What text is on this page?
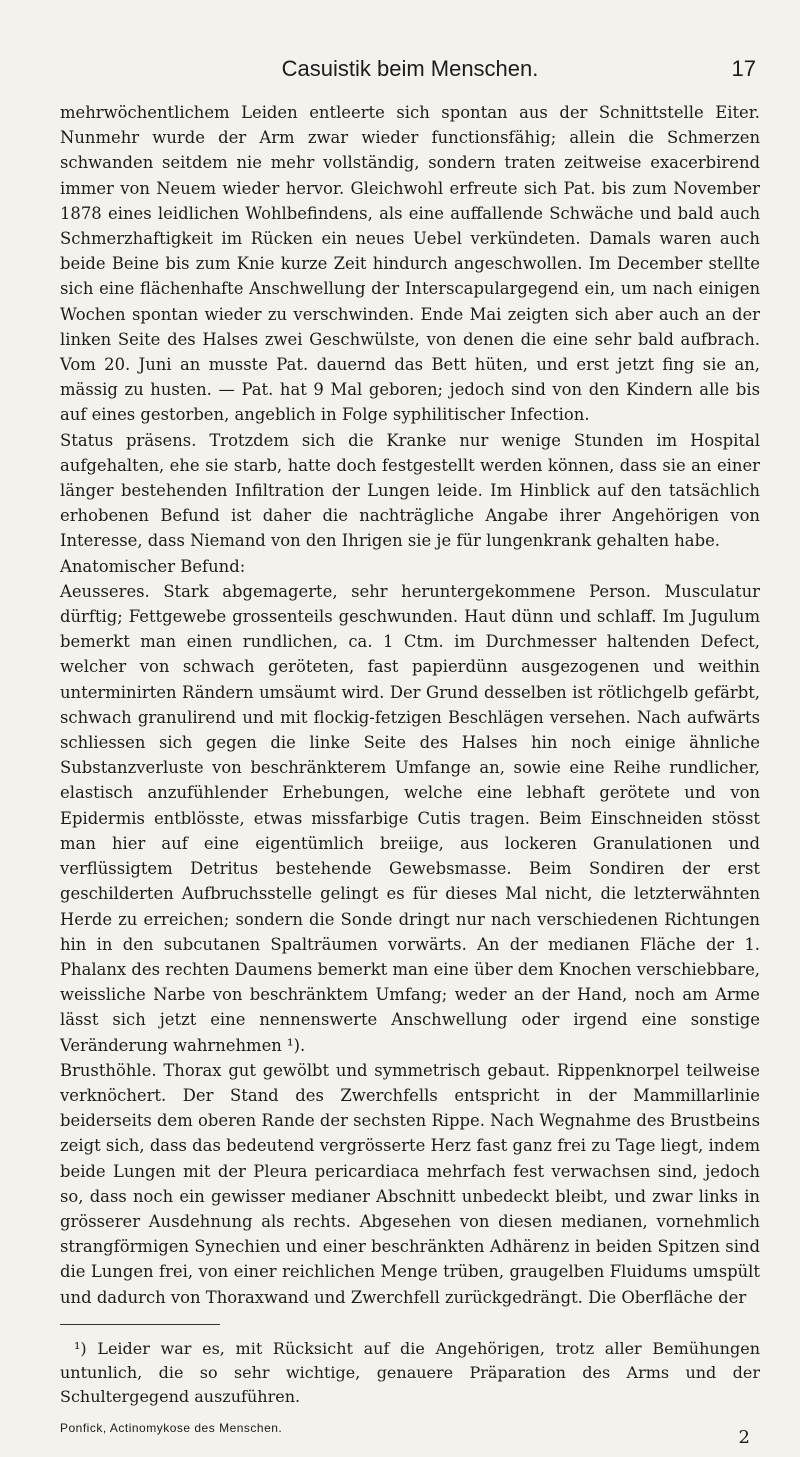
Casuistik beim Menschen.	17

mehrwöchentlichem Leiden entleerte sich spontan aus der Schnittstelle Eiter. Nunmehr wurde der Arm zwar wieder functionsfähig; allein die Schmerzen schwanden seitdem nie mehr vollständig, sondern traten zeitweise exacerbirend immer von Neuem wieder hervor. Gleichwohl erfreute sich Pat. bis zum November 1878 eines leidlichen Wohlbefindens, als eine auffallende Schwäche und bald auch Schmerzhaftigkeit im Rücken ein neues Uebel verkündeten. Damals waren auch beide Beine bis zum Knie kurze Zeit hindurch angeschwollen. Im December stellte sich eine flächenhafte Anschwellung der Interscapulargegend ein, um nach einigen Wochen spontan wieder zu verschwinden. Ende Mai zeigten sich aber auch an der linken Seite des Halses zwei Geschwülste, von denen die eine sehr bald aufbrach. Vom 20. Juni an musste Pat. dauernd das Bett hüten, und erst jetzt fing sie an, mässig zu husten. — Pat. hat 9 Mal geboren; jedoch sind von den Kindern alle bis auf eines gestorben, angeblich in Folge syphilitischer Infection.

Status präsens. Trotzdem sich die Kranke nur wenige Stunden im Hospital aufgehalten, ehe sie starb, hatte doch festgestellt werden können, dass sie an einer länger bestehenden Infiltration der Lungen leide. Im Hinblick auf den tatsächlich erhobenen Befund ist daher die nachträgliche Angabe ihrer Angehörigen von Interesse, dass Niemand von den Ihrigen sie je für lungenkrank gehalten habe.

Anatomischer Befund:

Aeusseres. Stark abgemagerte, sehr heruntergekommene Person. Musculatur dürftig; Fettgewebe grossenteils geschwunden. Haut dünn und schlaff. Im Jugulum bemerkt man einen rundlichen, ca. 1 Ctm. im Durchmesser haltenden Defect, welcher von schwach geröteten, fast papierdünn ausgezogenen und weithin unterminirten Rändern umsäumt wird. Der Grund desselben ist rötlichgelb gefärbt, schwach granulirend und mit flockig-fetzigen Beschlägen versehen. Nach aufwärts schliessen sich gegen die linke Seite des Halses hin noch einige ähnliche Substanzverluste von beschränkterem Umfange an, sowie eine Reihe rundlicher, elastisch anzufühlender Erhebungen, welche eine lebhaft gerötete und von Epidermis entblösste, etwas missfarbige Cutis tragen. Beim Einschneiden stösst man hier auf eine eigentümlich breiige, aus lockeren Granulationen und verflüssigtem Detritus bestehende Gewebsmasse. Beim Sondiren der erst geschilderten Aufbruchsstelle gelingt es für dieses Mal nicht, die letzterwähnten Herde zu erreichen; sondern die Sonde dringt nur nach verschiedenen Richtungen hin in den subcutanen Spalträumen vorwärts. An der medianen Fläche der 1. Phalanx des rechten Daumens bemerkt man eine über dem Knochen verschiebbare, weissliche Narbe von beschränktem Umfang; weder an der Hand, noch am Arme lässt sich jetzt eine nennenswerte Anschwellung oder irgend eine sonstige Veränderung wahrnehmen ¹).

Brusthöhle. Thorax gut gewölbt und symmetrisch gebaut. Rippenknorpel teilweise verknöchert. Der Stand des Zwerchfells entspricht in der Mammillarlinie beiderseits dem oberen Rande der sechsten Rippe. Nach Wegnahme des Brustbeins zeigt sich, dass das bedeutend vergrösserte Herz fast ganz frei zu Tage liegt, indem beide Lungen mit der Pleura pericardiaca mehrfach fest verwachsen sind, jedoch so, dass noch ein gewisser medianer Abschnitt unbedeckt bleibt, und zwar links in grösserer Ausdehnung als rechts. Abgesehen von diesen medianen, vornehmlich strangförmigen Synechien und einer beschränkten Adhärenz in beiden Spitzen sind die Lungen frei, von einer reichlichen Menge trüben, graugelben Fluidums umspült und dadurch von Thoraxwand und Zwerchfell zurückgedrängt. Die Oberfläche der

¹) Leider war es, mit Rücksicht auf die Angehörigen, trotz aller Bemühungen untunlich, die so sehr wichtige, genauere Präparation des Arms und der Schultergegend auszuführen.

Ponfick, Actinomykose des Menschen.	2
